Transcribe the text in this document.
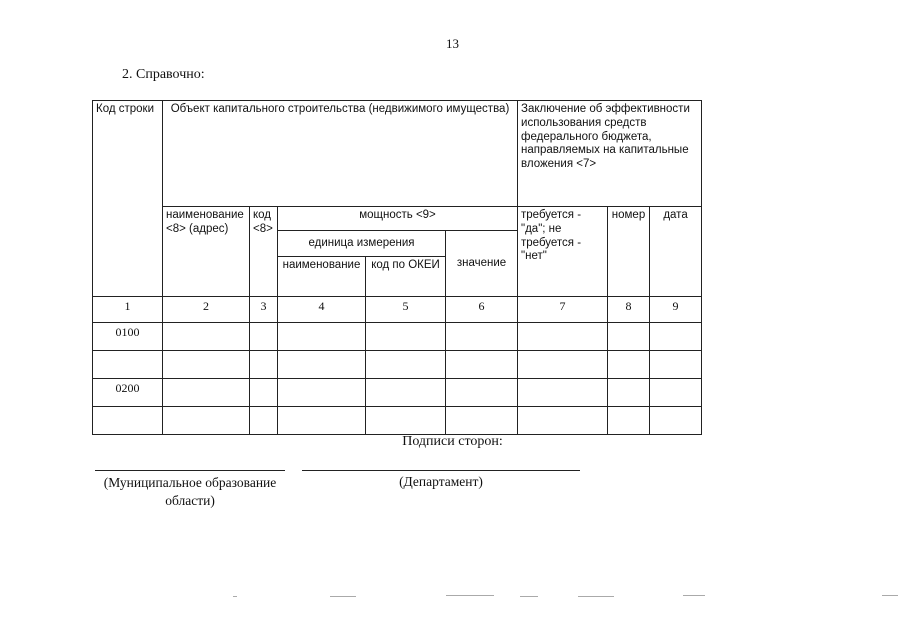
13
2. Справочно:
Код строки	Объект капитального строительства (недвижимого имущества)					Заключение об эффективности использования средств федерального бюджета, направляемых на капитальные вложения <7>		
	наименование <8> (адрес)	код <8>	мощность <9>			требуется - "да"; не требуется - "нет"	номер	дата
			единица измерения		значение			
			наименование	код по ОКЕИ				
1	2	3	4	5	6	7	8	9
0100								

0200								

Подписи сторон:
(Муниципальное образование области)
(Департамент)
